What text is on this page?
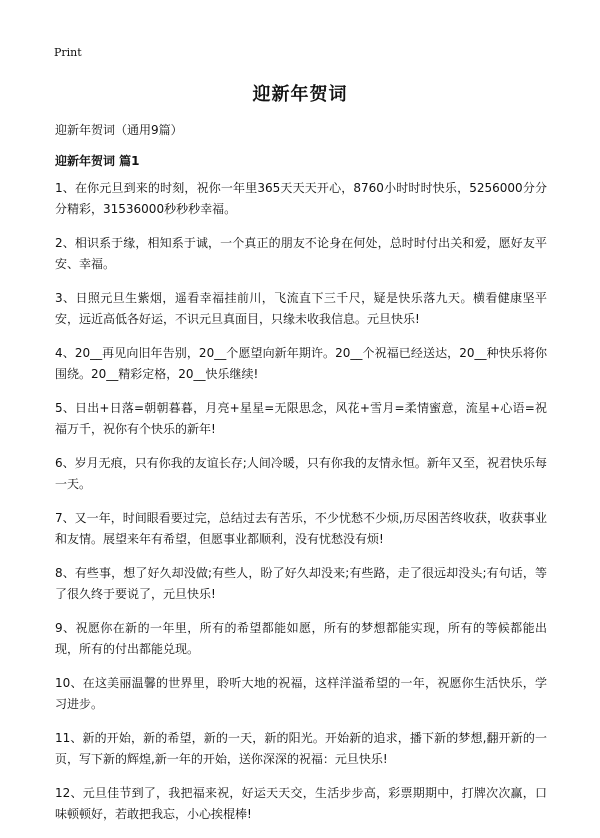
Print
迎新年贺词

迎新年贺词（通用9篇）

迎新年贺词 篇1
1、在你元旦到来的时刻，祝你一年里365天天天开心，8760小时时时快乐，5256000分分分精彩，31536000秒秒秒幸福。
2、相识系于缘，相知系于诚，一个真正的朋友不论身在何处，总时时付出关和爱，愿好友平安、幸福。
3、日照元旦生紫烟，遥看幸福挂前川，飞流直下三千尺，疑是快乐落九天。横看健康坚平安，远近高低各好运，不识元旦真面目，只缘未收我信息。元旦快乐!
4、20__再见向旧年告别，20__个愿望向新年期许。20__个祝福已经送达，20__种快乐将你围绕。20__精彩定格，20__快乐继续!
5、日出+日落=朝朝暮暮，月亮+星星=无限思念，风花+雪月=柔情蜜意，流星+心语=祝福万千，祝你有个快乐的新年!
6、岁月无痕，只有你我的友谊长存;人间冷暖，只有你我的友情永恒。新年又至，祝君快乐每一天。
7、又一年，时间眼看要过完，总结过去有苦乐，不少忧愁不少烦,历尽困苦终收获，收获事业和友情。展望来年有希望，但愿事业都顺利，没有忧愁没有烦!
8、有些事，想了好久却没做;有些人，盼了好久却没来;有些路，走了很远却没头;有句话，等了很久终于要说了，元旦快乐!
9、祝愿你在新的一年里，所有的希望都能如愿，所有的梦想都能实现，所有的等候都能出现，所有的付出都能兑现。
10、在这美丽温馨的世界里，聆听大地的祝福，这样洋溢希望的一年，祝愿你生活快乐，学习进步。
11、新的开始，新的希望，新的一天，新的阳光。开始新的追求，播下新的梦想,翻开新的一页，写下新的辉煌,新一年的开始，送你深深的祝福：元旦快乐!
12、元旦佳节到了，我把福来祝，好运天天交，生活步步高，彩票期期中，打牌次次赢，口味顿顿好，若敢把我忘，小心挨棍棒!
